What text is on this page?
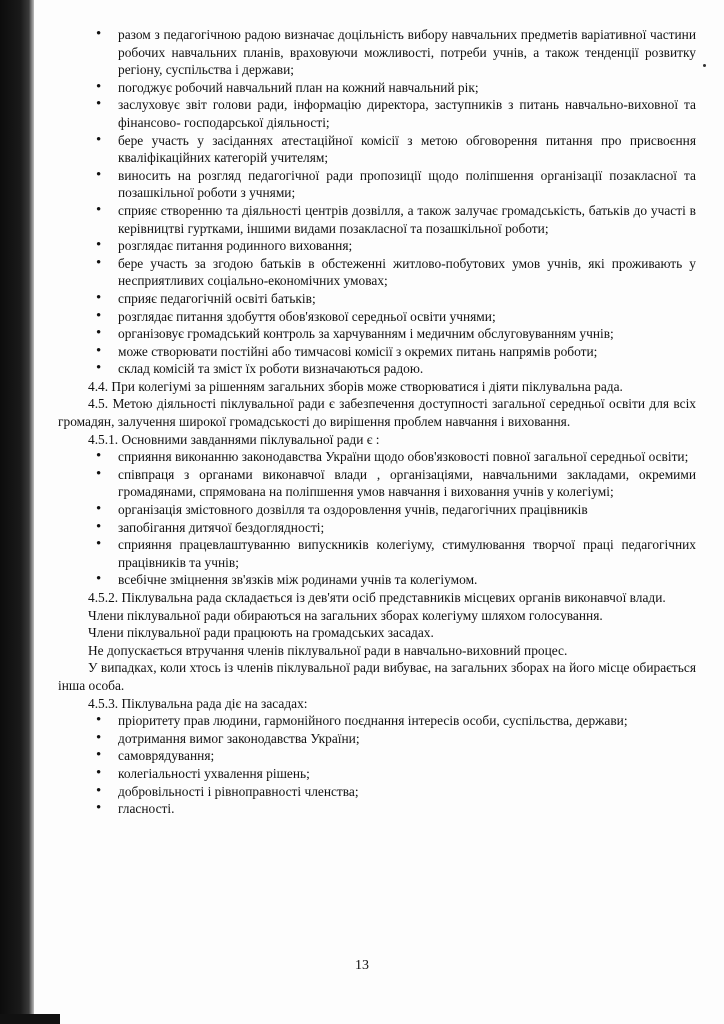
• разом з педагогічною радою визначає доцільність вибору навчальних предметів варіативної частини робочих навчальних планів, враховуючи можливості, потреби учнів, а також тенденції розвитку регіону, суспільства і держави;
• погоджує робочий навчальний план на кожний навчальний рік;
• заслуховує звіт голови ради, інформацію директора, заступників з питань навчально-виховної та фінансово- господарської діяльності;
• бере участь у засіданнях атестаційної комісії з метою обговорення питання про присвоєння кваліфікаційних категорій учителям;
• виносить на розгляд педагогічної ради пропозиції щодо поліпшення організації позакласної та позашкільної роботи з учнями;
• сприяє створенню та діяльності центрів дозвілля, а також залучає громадськість, батьків до участі в керівництві гуртками, іншими видами позакласної та позашкільної роботи;
• розглядає питання родинного виховання;
• бере участь за згодою батьків в обстеженні житлово-побутових умов учнів, які проживають у несприятливих соціально-економічних умовах;
• сприяє педагогічній освіті батьків;
• розглядає питання здобуття обов'язкової середньої освіти учнями;
• організовує громадський контроль за харчуванням і медичним обслуговуванням учнів;
• може створювати постійні або тимчасові комісії з окремих питань напрямів роботи;
• склад комісій та зміст їх роботи визначаються радою.

4.4. При колегіумі за рішенням загальних зборів може створюватися і діяти піклувальна рада.

4.5. Метою діяльності піклувальної ради є забезпечення доступності загальної середньої освіти для всіх громадян, залучення широкої громадськості до вирішення проблем навчання і виховання.

4.5.1. Основними завданнями піклувальної ради є :

• сприяння виконанню законодавства України щодо обов'язковості повної загальної середньої освіти;
• співпраця з органами виконавчої влади , організаціями, навчальними закладами, окремими громадянами, спрямована на поліпшення умов навчання і виховання учнів у колегіумі;
• організація змістовного дозвілля та оздоровлення учнів, педагогічних працівників
• запобігання дитячої бездоглядності;
• сприяння працевлаштуванню випускників колегіуму, стимулювання творчої праці педагогічних працівників та учнів;
• всебічне зміцнення зв'язків між родинами учнів та колегіумом.

4.5.2. Піклувальна рада складається із дев'яти осіб представників місцевих органів виконавчої влади.

Члени піклувальної ради обираються на загальних зборах колегіуму шляхом голосування.

Члени піклувальної ради працюють на громадських засадах.

Не допускається втручання членів піклувальної ради в навчально-виховний процес.

У випадках, коли хтось із членів піклувальної ради вибуває, на загальних зборах на його місце обирається інша особа.

4.5.3. Піклувальна рада діє на засадах:

• пріоритету прав людини, гармонійного поєднання інтересів особи, суспільства, держави;
• дотримання вимог законодавства України;
• самоврядування;
• колегіальності ухвалення рішень;
• добровільності і рівноправності членства;
• гласності.
13
